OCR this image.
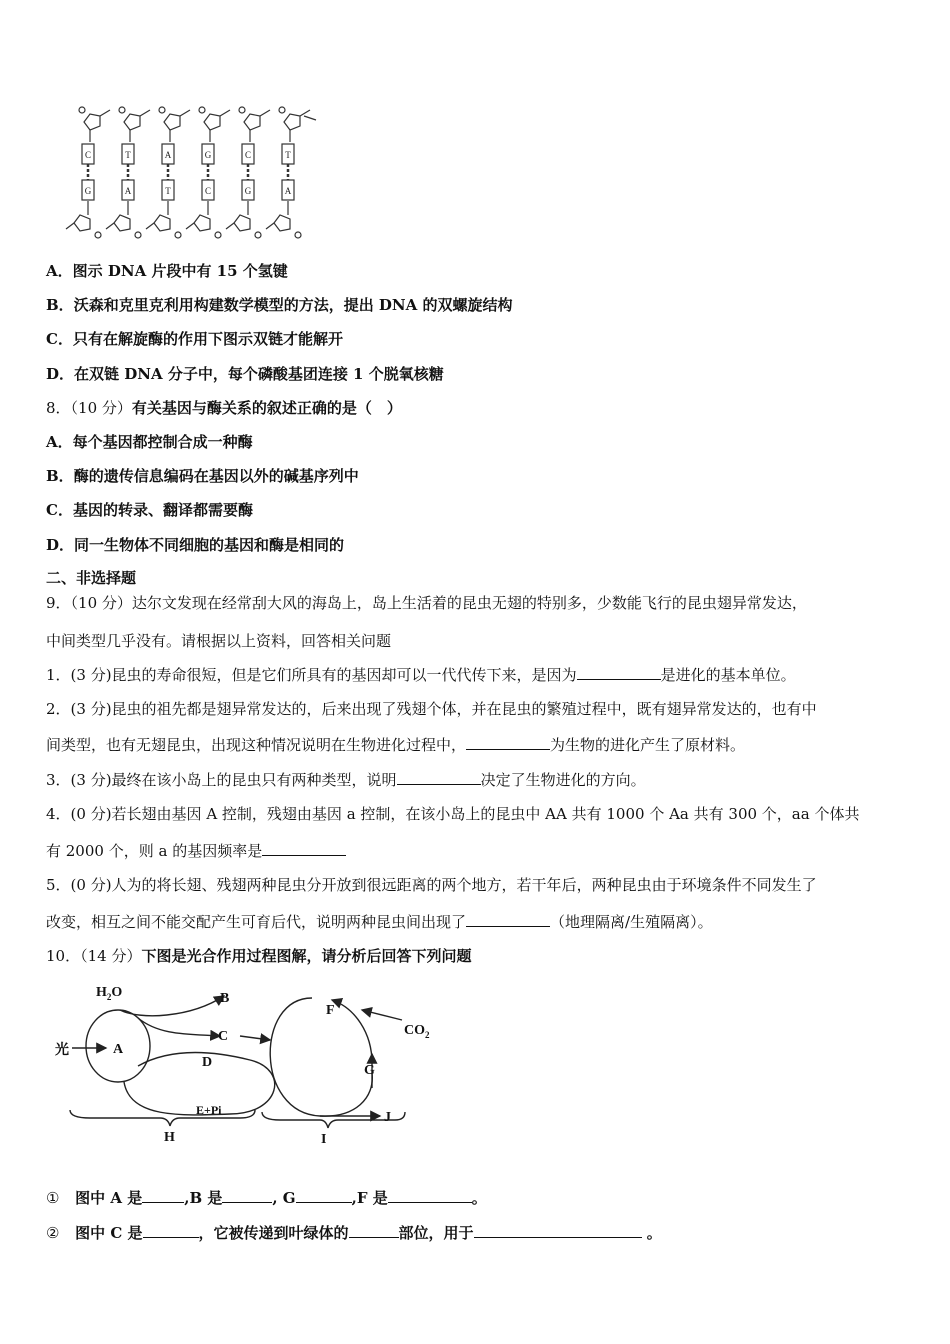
C	T	A	G	C	T
G	A	T	C	G	A
A．图示 DNA 片段中有 15 个氢键
B．沃森和克里克利用构建数学模型的方法，提出 DNA 的双螺旋结构
C．只有在解旋酶的作用下图示双链才能解开
D．在双链 DNA 分子中，每个磷酸基团连接 1 个脱氧核糖
8．（10 分）有关基因与酶关系的叙述正确的是（　）
A．每个基因都控制合成一种酶
B．酶的遗传信息编码在基因以外的碱基序列中
C．基因的转录、翻译都需要酶
D．同一生物体不同细胞的基因和酶是相同的
二、非选择题
9．（10 分）达尔文发现在经常刮大风的海岛上，岛上生活着的昆虫无翅的特别多，少数能飞行的昆虫翅异常发达，
中间类型几乎没有。请根据以上资料，回答相关问题
1．(3 分)昆虫的寿命很短，但是它们所具有的基因却可以一代代传下来，是因为	是进化的基本单位。
2．(3 分)昆虫的祖先都是翅异常发达的，后来出现了残翅个体，并在昆虫的繁殖过程中，既有翅异常发达的，也有中
间类型，也有无翅昆虫，出现这种情况说明在生物进化过程中，	为生物的进化产生了原材料。
3．(3 分)最终在该小岛上的昆虫只有两种类型，说明	决定了生物进化的方向。
4．(0 分)若长翅由基因 A 控制，残翅由基因 a 控制，在该小岛上的昆虫中 AA 共有 1000 个 Aa 共有 300 个，aa 个体共
有 2000 个，则 a 的基因频率是
5．(0 分)人为的将长翅、残翅两种昆虫分开放到很远距离的两个地方，若干年后，两种昆虫由于环境条件不同发生了
改变，相互之间不能交配产生可育后代，说明两种昆虫间出现了	（地理隔离/生殖隔离）。
10．（14 分）下图是光合作用过程图解，请分析后回答下列问题
$H_2O$
光	A
B
C
D
E+Pi
F
G
J
H	I
$CO_2$
① 图中 A 是	,B 是	, G	,F 是	。
② 图中 C 是	，它被传递到叶绿体的	部位，用于	。
